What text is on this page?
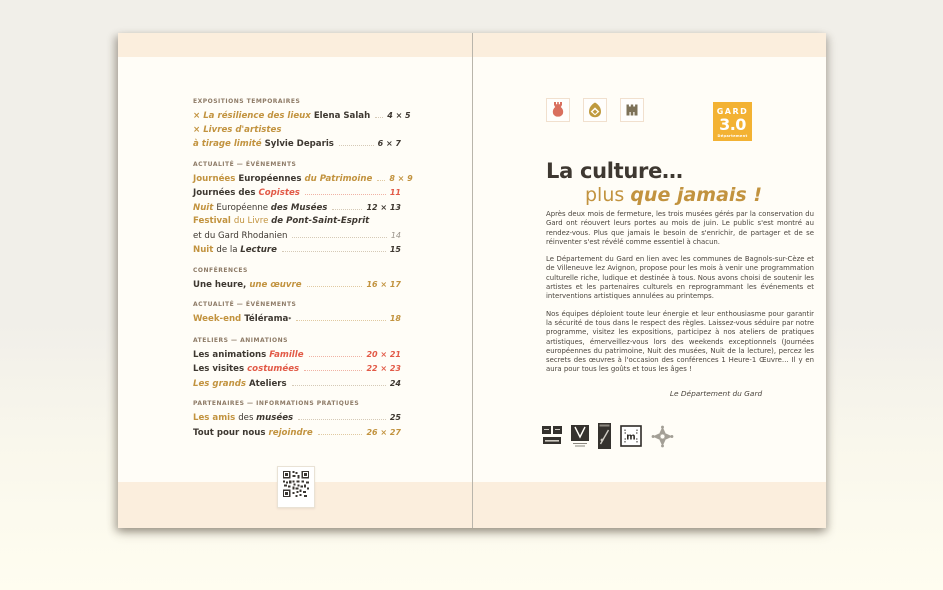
EXPOSITIONS TEMPORAIRES
× La résilience des lieux Elena Salah 4 × 5
× Livres d'artistes
à tirage limité Sylvie Deparis	6 × 7
ACTUALITÉ — ÉVÉNEMENTS
Journées Européennes du Patrimoine 8 × 9
Journées des Copistes	11
Nuit Européenne des Musées	12 × 13
Festival du Livre de Pont-Saint-Esprit
et du Gard Rhodanien	14
Nuit de la Lecture	15
CONFÉRENCES
Une heure, une œuvre	16 × 17
ACTUALITÉ — ÉVÉNEMENTS
Week-end Télérama *	18
ATELIERS — ANIMATIONS
Les animations Famille	20 × 21
Les visites costumées	22 × 23
Les grands Ateliers	24
PARTENAIRES — INFORMATIONS PRATIQUES
Les amis des musées	25
Tout pour nous rejoindre	26 × 27
GARD
3.0
Département
La culture…
plus que jamais !

Après deux mois de fermeture, les trois musées gérés par la conservation du Gard ont réouvert leurs portes au mois de juin. Le public s'est montré au rendez-vous. Plus que jamais le besoin de s'enrichir, de partager et de se réinventer s'est révélé comme essentiel à chacun.

Le Département du Gard en lien avec les communes de Bagnols-sur-Cèze et de Villeneuve lez Avignon, propose pour les mois à venir une programmation culturelle riche, ludique et destinée à tous. Nous avons choisi de soutenir les artistes et les partenaires culturels en reprogrammant les événements et interventions artistiques annulées au printemps.

Nos équipes déploient toute leur énergie et leur enthousiasme pour garantir la sécurité de tous dans le respect des règles. Laissez-vous séduire par notre programme, visitez les expositions, participez à nos ateliers de pratiques artistiques, émerveillez-vous lors des weekends exceptionnels (Journées européennes du patrimoine, Nuit des musées, Nuit de la lecture), percez les secrets des œuvres à l'occasion des conférences 1 Heure-1 Œuvre… Il y en aura pour tous les goûts et tous les âges !

Le Département du Gard
m
